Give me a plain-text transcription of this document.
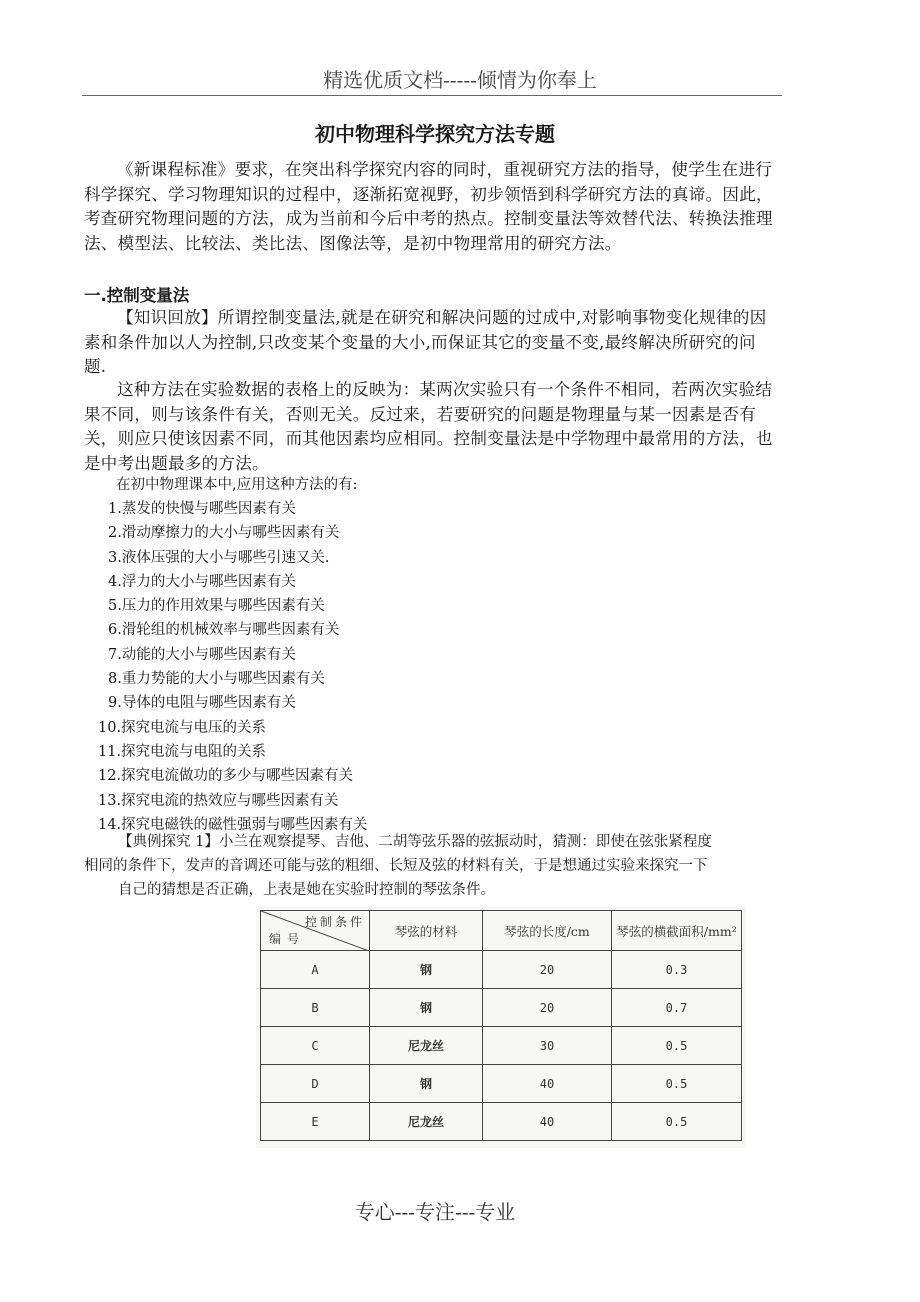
精选优质文档-----倾情为你奉上
初中物理科学探究方法专题

《新课程标准》要求，在突出科学探究内容的同时，重视研究方法的指导，使学生在进行科学探究、学习物理知识的过程中，逐渐拓宽视野，初步领悟到科学研究方法的真谛。因此，考查研究物理问题的方法，成为当前和今后中考的热点。控制变量法等效替代法、转换法推理法、模型法、比较法、类比法、图像法等，是初中物理常用的研究方法。

一.控制变量法

【知识回放】所谓控制变量法,就是在研究和解决问题的过成中,对影响事物变化规律的因素和条件加以人为控制,只改变某个变量的大小,而保证其它的变量不变,最终解决所研究的问题.

这种方法在实验数据的表格上的反映为：某两次实验只有一个条件不相同，若两次实验结果不同，则与该条件有关，否则无关。反过来，若要研究的问题是物理量与某一因素是否有关，则应只使该因素不同，而其他因素均应相同。控制变量法是中学物理中最常用的方法，也是中考出题最多的方法。

在初中物理课本中,应用这种方法的有:

1.蒸发的快慢与哪些因素有关
2.滑动摩擦力的大小与哪些因素有关
3.液体压强的大小与哪些引速又关.
4.浮力的大小与哪些因素有关
5.压力的作用效果与哪些因素有关
6.滑轮组的机械效率与哪些因素有关
7.动能的大小与哪些因素有关
8.重力势能的大小与哪些因素有关
9.导体的电阻与哪些因素有关
10.探究电流与电压的关系
11.探究电流与电阻的关系
12.探究电流做功的多少与哪些因素有关
13.探究电流的热效应与哪些因素有关
14.探究电磁铁的磁性强弱与哪些因素有关

【典例探究 1】小兰在观察提琴、吉他、二胡等弦乐器的弦振动时，猜测：即使在弦张紧程度
相同的条件下，发声的音调还可能与弦的粗细、长短及弦的材料有关，于是想通过实验来探究一下

自己的猜想是否正确，上表是她在实验时控制的琴弦条件。

控制条件
编号	琴弦的材料	琴弦的长度/cm	琴弦的横截面积/mm²
A	钢	20	0.3
B	钢	20	0.7
C	尼龙丝	30	0.5
D	钢	40	0.5
E	尼龙丝	40	0.5
专心---专注---专业
